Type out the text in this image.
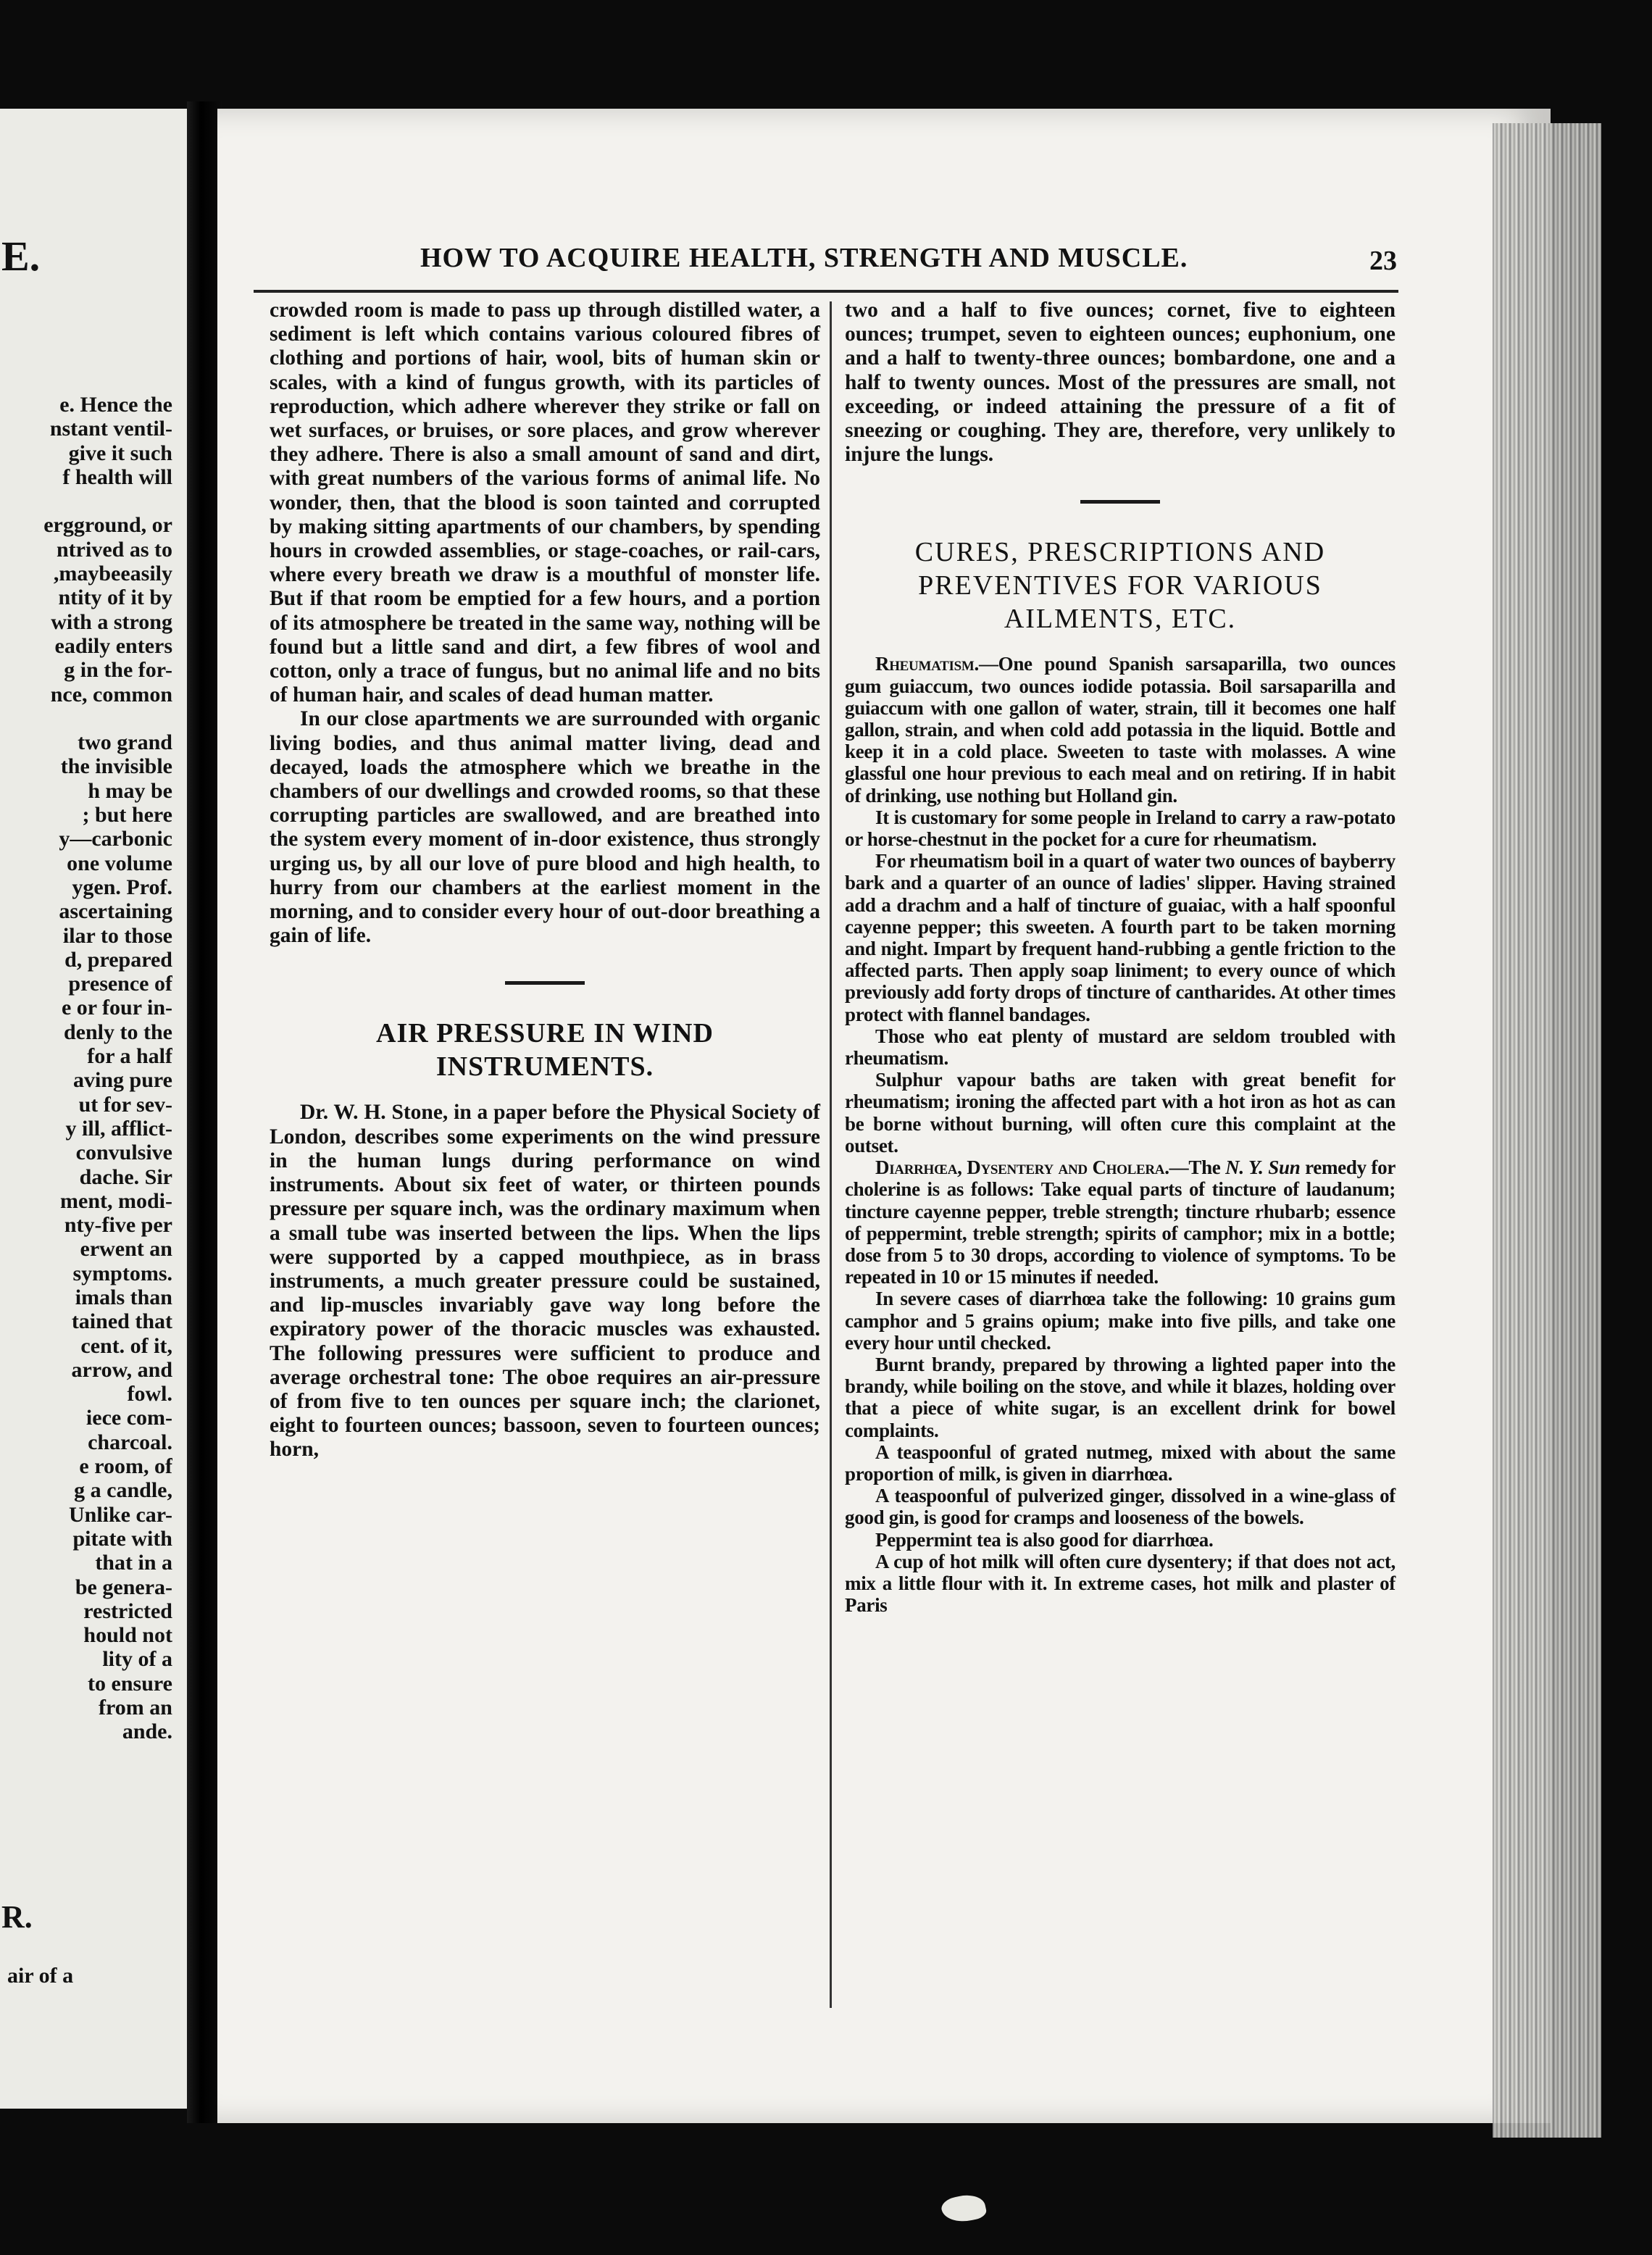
E.
e. Hence the
nstant ventil-
give it such
f health will
ergground, or
ntrived as to
,maybeeasily
ntity of it by
with a strong
eadily enters
g in the for-
nce, common
two grand
the invisible
h may be
; but here
y—carbonic
one volume
ygen. Prof.
ascertaining
ilar to those
d, prepared
presence of
e or four in-
denly to the
for a half
aving pure
ut for sev-
y ill, afflict-
convulsive
dache. Sir
ment, modi-
nty-five per
erwent an
symptoms.
imals than
tained that
cent. of it,
arrow, and
fowl.
iece com-
charcoal.
e room, of
g a candle,
Unlike car-
pitate with
that in a
be genera-
restricted
hould not
lity of a
to ensure
from an
ande.
R.
air of a
HOW TO ACQUIRE HEALTH, STRENGTH AND MUSCLE.	23

crowded room is made to pass up through distilled water, a sediment is left which contains various coloured fibres of clothing and portions of hair, wool, bits of human skin or scales, with a kind of fungus growth, with its particles of reproduction, which adhere wherever they strike or fall on wet surfaces, or bruises, or sore places, and grow wherever they adhere. There is also a small amount of sand and dirt, with great numbers of the various forms of animal life. No wonder, then, that the blood is soon tainted and corrupted by making sitting apartments of our chambers, by spending hours in crowded assemblies, or stage-coaches, or rail-cars, where every breath we draw is a mouthful of monster life. But if that room be emptied for a few hours, and a portion of its atmosphere be treated in the same way, nothing will be found but a little sand and dirt, a few fibres of wool and cotton, only a trace of fungus, but no animal life and no bits of human hair, and scales of dead human matter.

In our close apartments we are surrounded with organic living bodies, and thus animal matter living, dead and decayed, loads the atmosphere which we breathe in the chambers of our dwellings and crowded rooms, so that these corrupting particles are swallowed, and are breathed into the system every moment of in-door existence, thus strongly urging us, by all our love of pure blood and high health, to hurry from our chambers at the earliest moment in the morning, and to consider every hour of out-door breathing a gain of life.

AIR PRESSURE IN WIND INSTRUMENTS.

Dr. W. H. Stone, in a paper before the Physical Society of London, describes some experiments on the wind pressure in the human lungs during performance on wind instruments. About six feet of water, or thirteen pounds pressure per square inch, was the ordinary maximum when a small tube was inserted between the lips. When the lips were supported by a capped mouthpiece, as in brass instruments, a much greater pressure could be sustained, and lip-muscles invariably gave way long before the expiratory power of the thoracic muscles was exhausted. The following pressures were sufficient to produce and average orchestral tone: The oboe requires an air-pressure of from five to ten ounces per square inch; the clarionet, eight to fourteen ounces; bassoon, seven to fourteen ounces; horn,

two and a half to five ounces; cornet, five to eighteen ounces; trumpet, seven to eighteen ounces; euphonium, one and a half to twenty-three ounces; bombardone, one and a half to twenty ounces. Most of the pressures are small, not exceeding, or indeed attaining the pressure of a fit of sneezing or coughing. They are, therefore, very unlikely to injure the lungs.

CURES, PRESCRIPTIONS AND PREVENTIVES FOR VARIOUS AILMENTS, ETC.

Rheumatism.—One pound Spanish sarsaparilla, two ounces gum guiaccum, two ounces iodide potassia. Boil sarsaparilla and guiaccum with one gallon of water, strain, till it becomes one half gallon, strain, and when cold add potassia in the liquid. Bottle and keep it in a cold place. Sweeten to taste with molasses. A wine glassful one hour previous to each meal and on retiring. If in habit of drinking, use nothing but Holland gin.

It is customary for some people in Ireland to carry a raw-potato or horse-chestnut in the pocket for a cure for rheumatism.

For rheumatism boil in a quart of water two ounces of bayberry bark and a quarter of an ounce of ladies' slipper. Having strained add a drachm and a half of tincture of guaiac, with a half spoonful cayenne pepper; this sweeten. A fourth part to be taken morning and night. Impart by frequent hand-rubbing a gentle friction to the affected parts. Then apply soap liniment; to every ounce of which previously add forty drops of tincture of cantharides. At other times protect with flannel bandages.

Those who eat plenty of mustard are seldom troubled with rheumatism.

Sulphur vapour baths are taken with great benefit for rheumatism; ironing the affected part with a hot iron as hot as can be borne without burning, will often cure this complaint at the outset.

Diarrhœa, Dysentery and Cholera.—The N. Y. Sun remedy for cholerine is as follows: Take equal parts of tincture of laudanum; tincture cayenne pepper, treble strength; tincture rhubarb; essence of peppermint, treble strength; spirits of camphor; mix in a bottle; dose from 5 to 30 drops, according to violence of symptoms. To be repeated in 10 or 15 minutes if needed.

In severe cases of diarrhœa take the following: 10 grains gum camphor and 5 grains opium; make into five pills, and take one every hour until checked.

Burnt brandy, prepared by throwing a lighted paper into the brandy, while boiling on the stove, and while it blazes, holding over that a piece of white sugar, is an excellent drink for bowel complaints.

A teaspoonful of grated nutmeg, mixed with about the same proportion of milk, is given in diarrhœa.

A teaspoonful of pulverized ginger, dissolved in a wine-glass of good gin, is good for cramps and looseness of the bowels.

Peppermint tea is also good for diarrhœa.

A cup of hot milk will often cure dysentery; if that does not act, mix a little flour with it. In extreme cases, hot milk and plaster of Paris
